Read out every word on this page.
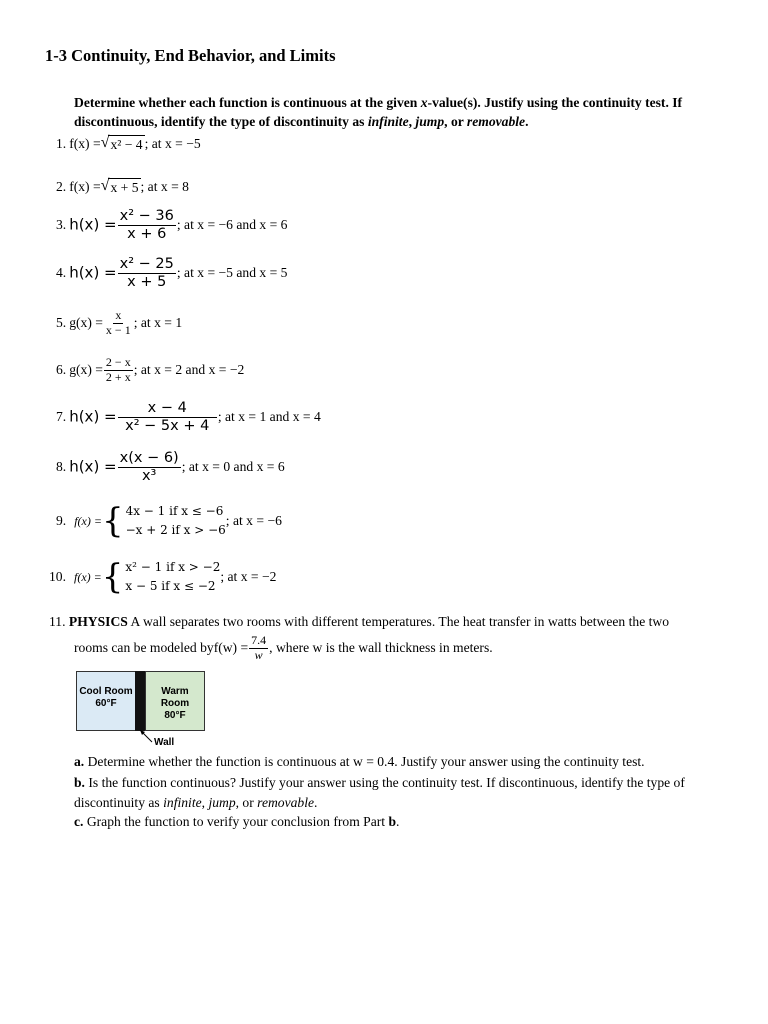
1-3 Continuity, End Behavior, and Limits
Determine whether each function is continuous at the given x-value(s). Justify using the continuity test. If discontinuous, identify the type of discontinuity as infinite, jump, or removable.
1. f(x) = √ x² − 4 ; at x = −5
2. f(x) = √ x + 5 ; at x = 8
3. $h(x) = \frac{\text{x² − 36}}{x + 6}$ ; at x = −6 and x = 6
4. $h(x) = \frac{\text{x² − 25}}{x + 5}$ ; at x = −5 and x = 5
5. $g(x) = \frac{x}{x - 1}$ ; at x = 1
6. $g(x) = \frac{2 - x}{2 + x}$ ; at x = 2 and x = −2
7. $h(x) = \frac{x - 4}{\text{x² − 5x + 4}}$ ; at x = 1 and x = 4
8. $h(x) = \frac{x(x - 6)}{\text{x³}}$ ; at x = 0 and x = 6
9. f(x) = { 4x − 1 if x ≤ −6
−x + 2 if x > −6
; at x = −6
10. f(x) = { x² − 1 if x > −2
x − 5 if x ≤ −2
; at x = −2
11. PHYSICS A wall separates two rooms with different temperatures. The heat transfer in watts between the two
rooms can be modeled by $f(w) = \frac{7.4}{w}$ , where w is the wall thickness in meters.
Cool Room
60°F
Warm Room
80°F
Wall
a. Determine whether the function is continuous at w = 0.4. Justify your answer using the continuity test.
b. Is the function continuous? Justify your answer using the continuity test. If discontinuous, identify the type of
discontinuity as infinite, jump, or removable.
c. Graph the function to verify your conclusion from Part b.
